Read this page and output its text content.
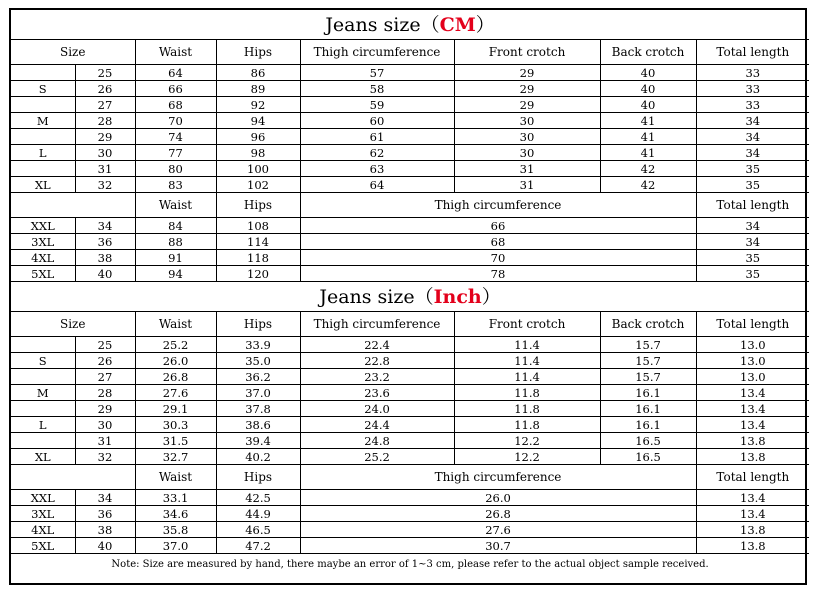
Jeans size（CM）							
Size		Waist	Hips	Thigh circumference	Front crotch	Back crotch	Total length
	25	64	86	57	29	40	33
S	26	66	89	58	29	40	33
	27	68	92	59	29	40	33
M	28	70	94	60	30	41	34
	29	74	96	61	30	41	34
L	30	77	98	62	30	41	34
	31	80	100	63	31	42	35
XL	32	83	102	64	31	42	35
		Waist	Hips	Thigh circumference			Total length
XXL	34	84	108	66			34
3XL	36	88	114	68			34
4XL	38	91	118	70			35
5XL	40	94	120	78			35
Jeans size（Inch）							
Size		Waist	Hips	Thigh circumference	Front crotch	Back crotch	Total length
	25	25.2	33.9	22.4	11.4	15.7	13.0
S	26	26.0	35.0	22.8	11.4	15.7	13.0
	27	26.8	36.2	23.2	11.4	15.7	13.0
M	28	27.6	37.0	23.6	11.8	16.1	13.4
	29	29.1	37.8	24.0	11.8	16.1	13.4
L	30	30.3	38.6	24.4	11.8	16.1	13.4
	31	31.5	39.4	24.8	12.2	16.5	13.8
XL	32	32.7	40.2	25.2	12.2	16.5	13.8
		Waist	Hips	Thigh circumference			Total length
XXL	34	33.1	42.5	26.0			13.4
3XL	36	34.6	44.9	26.8			13.4
4XL	38	35.8	46.5	27.6			13.8
5XL	40	37.0	47.2	30.7			13.8
Note: Size are measured by hand, there maybe an error of 1~3 cm, please refer to the actual object sample received.							
